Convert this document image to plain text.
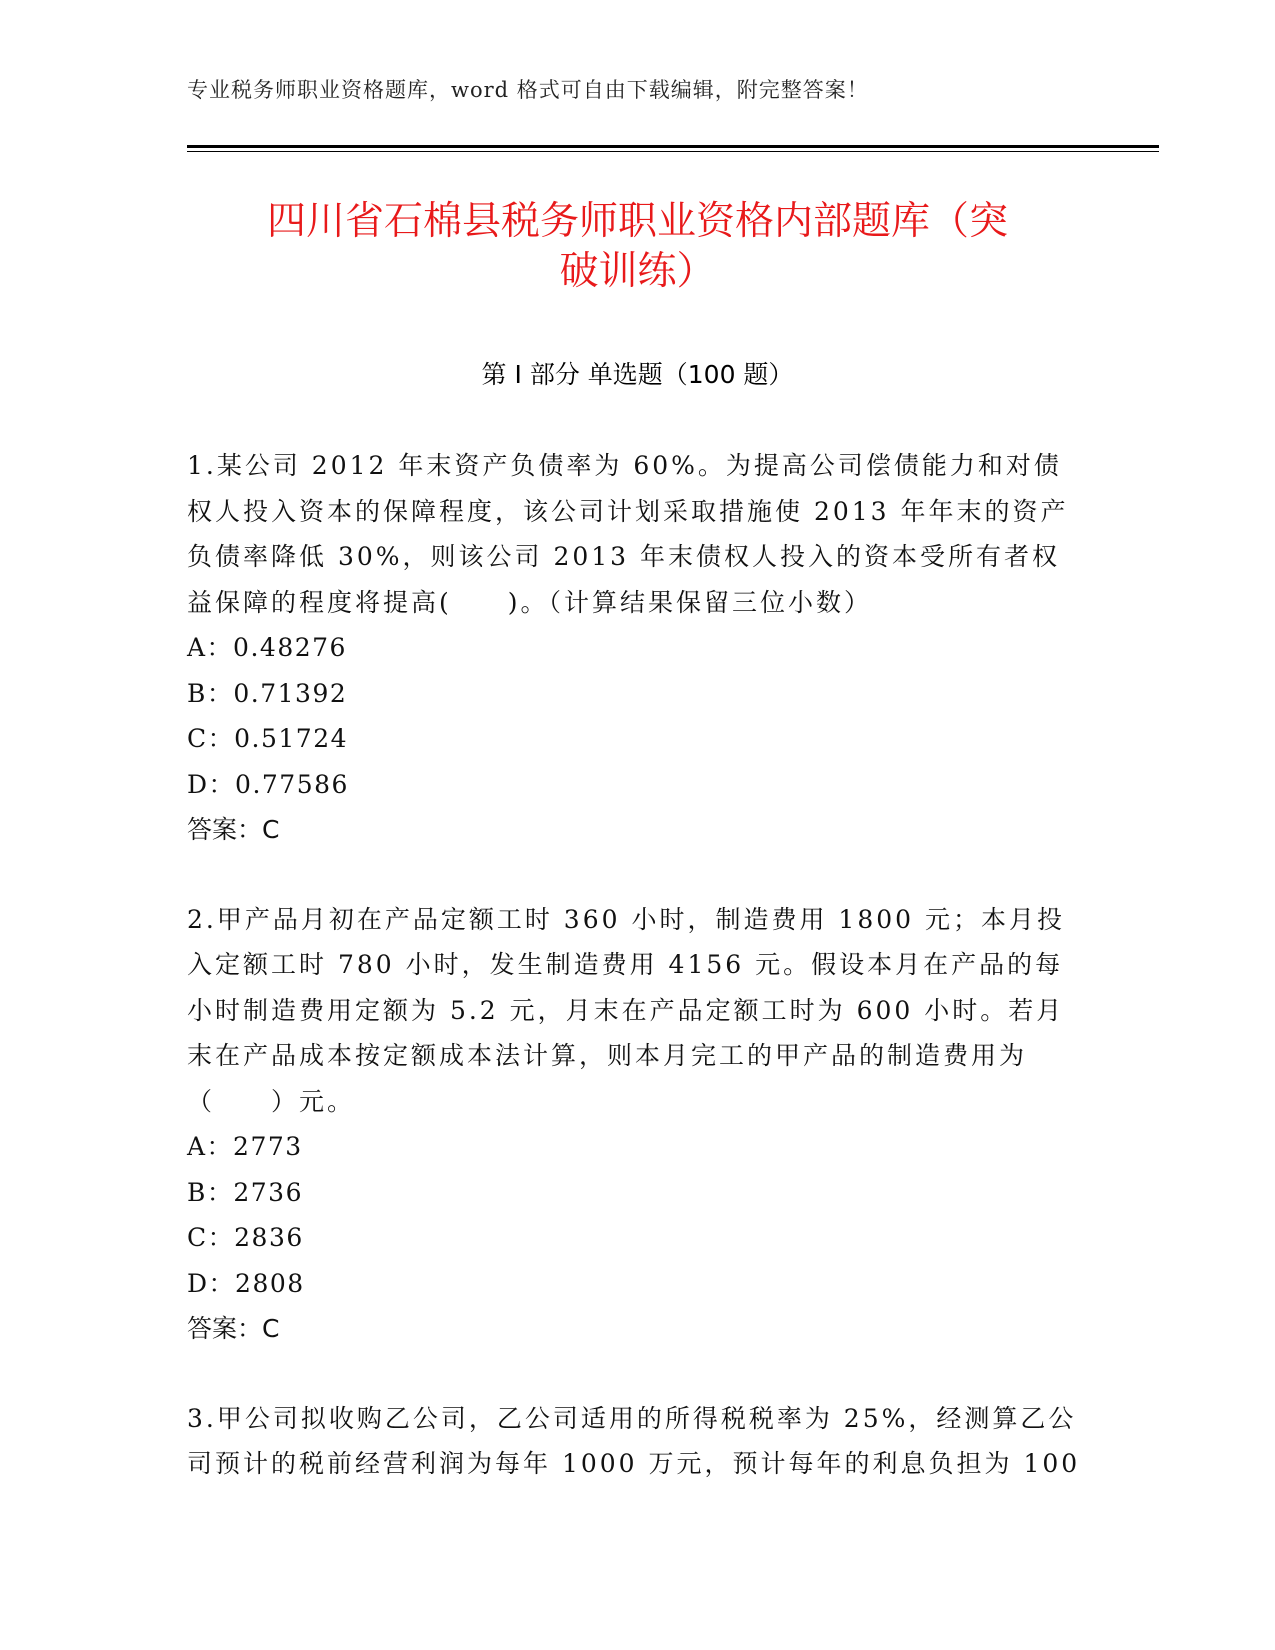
专业税务师职业资格题库，word 格式可自由下载编辑，附完整答案！
四川省石棉县税务师职业资格内部题库（突
破训练）
第 I 部分 单选题（100 题）

1.某公司 2012 年末资产负债率为 60%。为提高公司偿债能力和对债权人投入资本的保障程度，该公司计划采取措施使 2013 年年末的资产负债率降低 30%，则该公司 2013 年末债权人投入的资本受所有者权益保障的程度将提高(　　)。（计算结果保留三位小数）

A：0.48276

B：0.71392

C：0.51724

D：0.77586

答案：C

2.甲产品月初在产品定额工时 360 小时，制造费用 1800 元；本月投入定额工时 780 小时，发生制造费用 4156 元。假设本月在产品的每小时制造费用定额为 5.2 元，月末在产品定额工时为 600 小时。若月末在产品成本按定额成本法计算，则本月完工的甲产品的制造费用为（　　）元。

A：2773

B：2736

C：2836

D：2808

答案：C

3.甲公司拟收购乙公司，乙公司适用的所得税税率为 25%，经测算乙公司预计的税前经营利润为每年 1000 万元，预计每年的利息负担为 100
